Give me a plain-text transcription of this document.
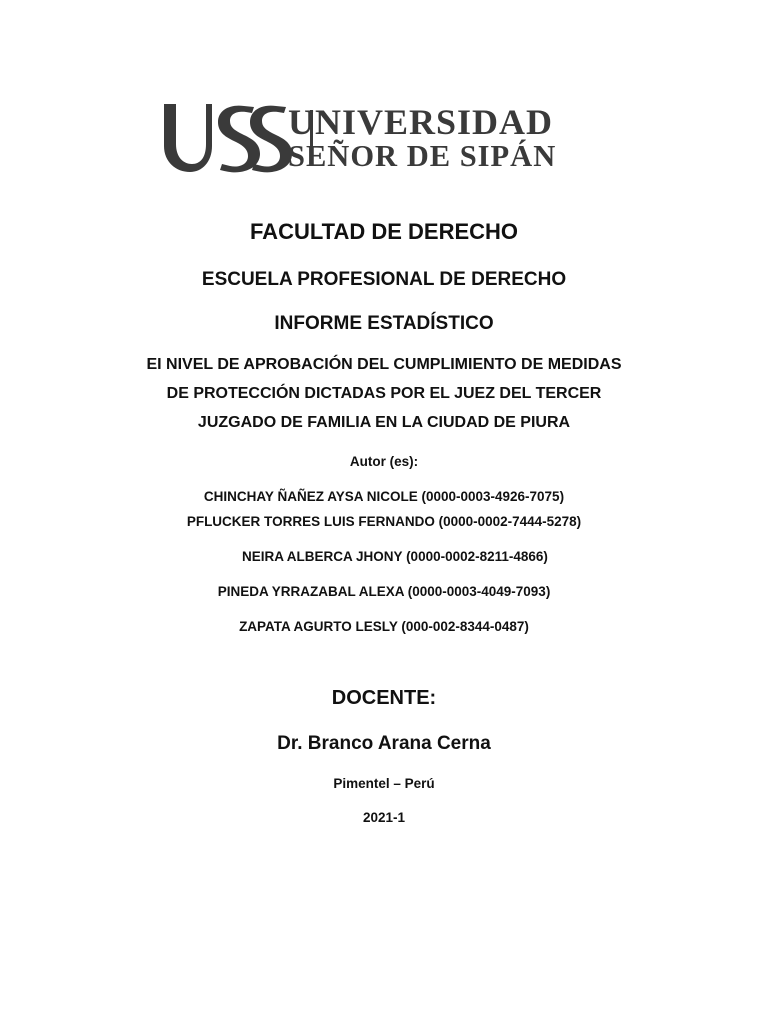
UNIVERSIDAD
SEÑOR DE SIPÁN

FACULTAD DE DERECHO

ESCUELA PROFESIONAL DE DERECHO

INFORME ESTADÍSTICO

EI NIVEL DE APROBACIÓN DEL CUMPLIMIENTO DE MEDIDAS

DE PROTECCIÓN DICTADAS POR EL JUEZ DEL TERCER

JUZGADO DE FAMILIA EN LA CIUDAD DE PIURA

Autor (es):

CHINCHAY ÑAÑEZ AYSA NICOLE (0000-0003-4926-7075)

PFLUCKER TORRES LUIS FERNANDO (0000-0002-7444-5278)

NEIRA ALBERCA JHONY (0000-0002-8211-4866)

PINEDA YRRAZABAL ALEXA (0000-0003-4049-7093)

ZAPATA AGURTO LESLY (000-002-8344-0487)

DOCENTE:

Dr. Branco Arana Cerna

Pimentel – Perú

2021-1
